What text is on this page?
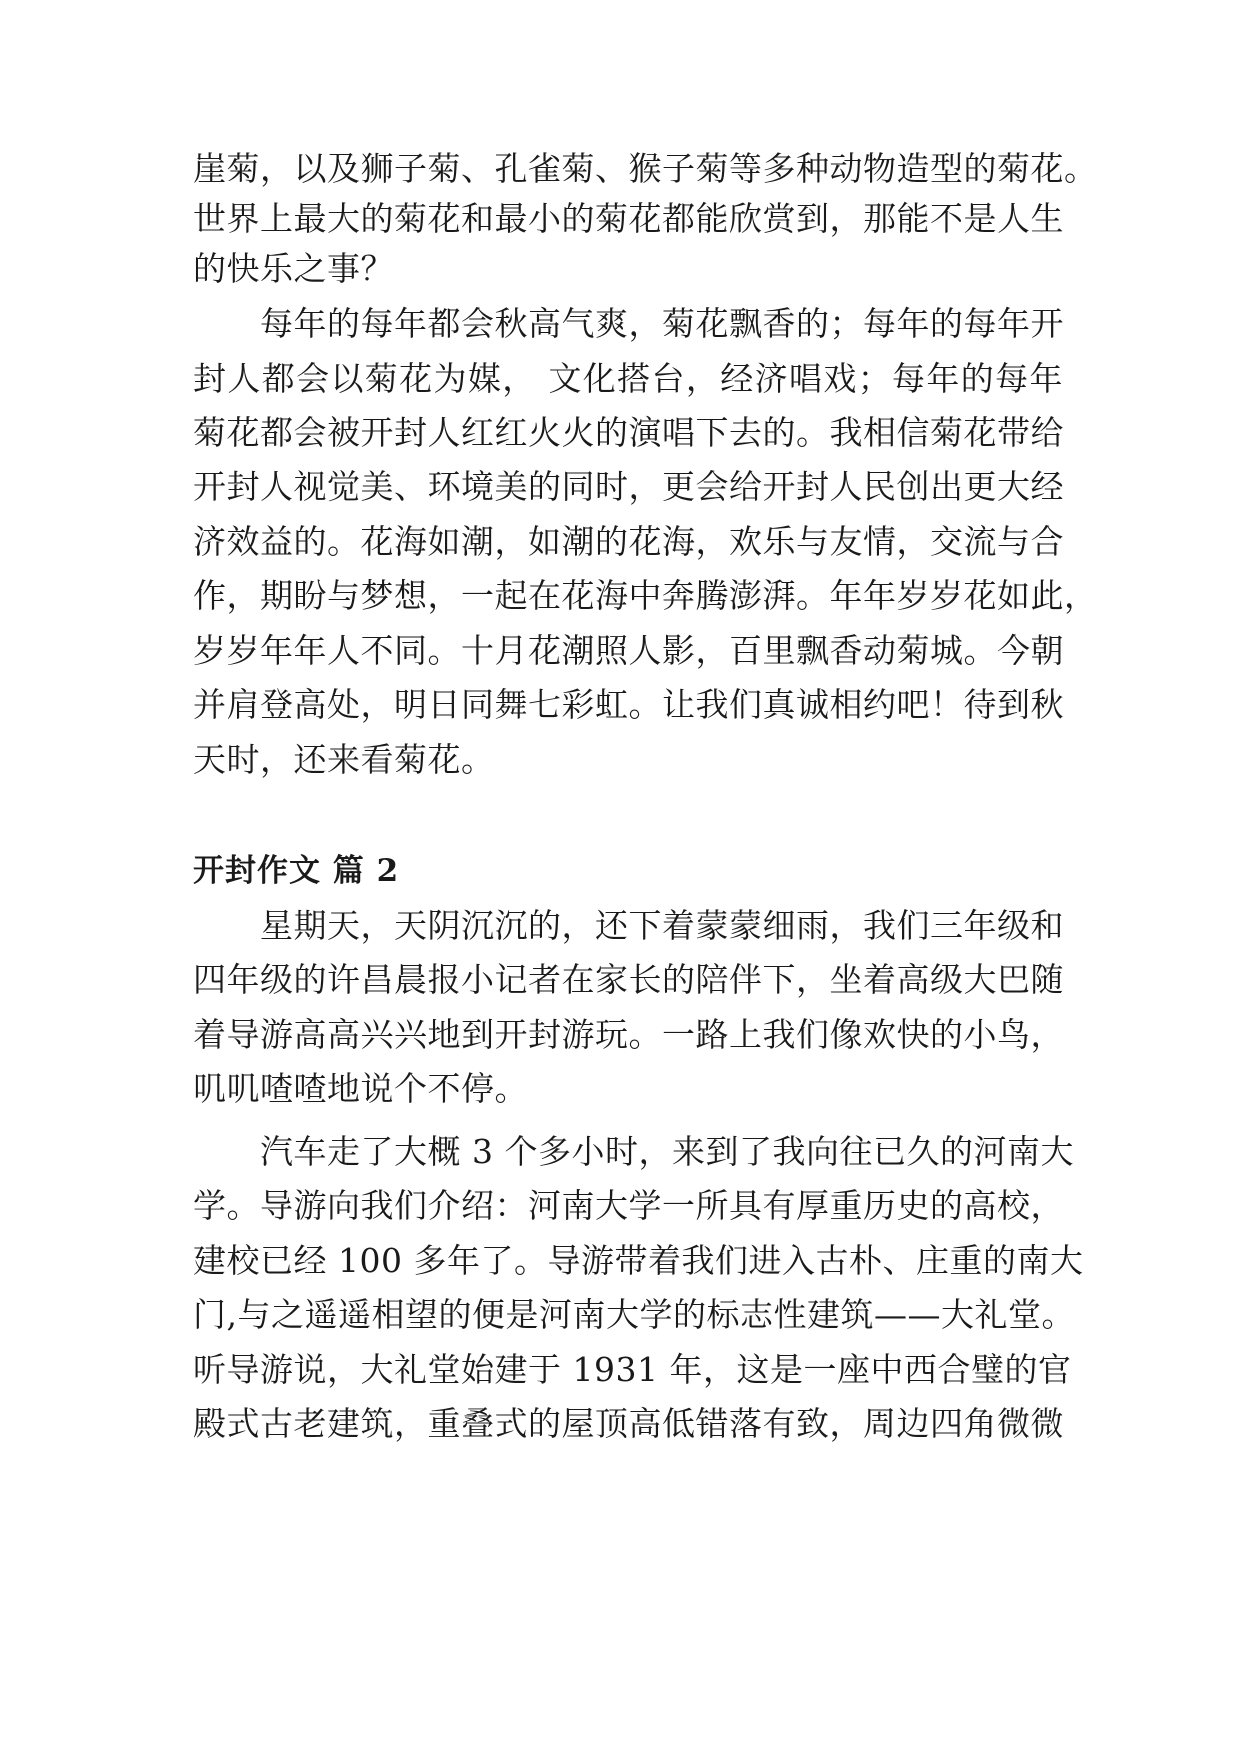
崖菊，以及狮子菊、孔雀菊、猴子菊等多种动物造型的菊花。

世界上最大的菊花和最小的菊花都能欣赏到，那能不是人生

的快乐之事？

每年的每年都会秋高气爽，菊花飘香的；每年的每年开

封人都会以菊花为媒， 文化搭台，经济唱戏；每年的每年

菊花都会被开封人红红火火的演唱下去的。我相信菊花带给

开封人视觉美、环境美的同时，更会给开封人民创出更大经

济效益的。花海如潮，如潮的花海，欢乐与友情，交流与合

作，期盼与梦想，一起在花海中奔腾澎湃。年年岁岁花如此，

岁岁年年人不同。十月花潮照人影，百里飘香动菊城。今朝

并肩登高处，明日同舞七彩虹。让我们真诚相约吧！待到秋

天时，还来看菊花。

开封作文 篇 2

星期天，天阴沉沉的，还下着蒙蒙细雨，我们三年级和

四年级的许昌晨报小记者在家长的陪伴下，坐着高级大巴随

着导游高高兴兴地到开封游玩。一路上我们像欢快的小鸟，

叽叽喳喳地说个不停。

汽车走了大概 3 个多小时，来到了我向往已久的河南大

学。导游向我们介绍：河南大学一所具有厚重历史的高校，

建校已经 100 多年了。导游带着我们进入古朴、庄重的南大

门,与之遥遥相望的便是河南大学的标志性建筑——大礼堂。

听导游说，大礼堂始建于 1931 年，这是一座中西合璧的官

殿式古老建筑，重叠式的屋顶高低错落有致，周边四角微微
